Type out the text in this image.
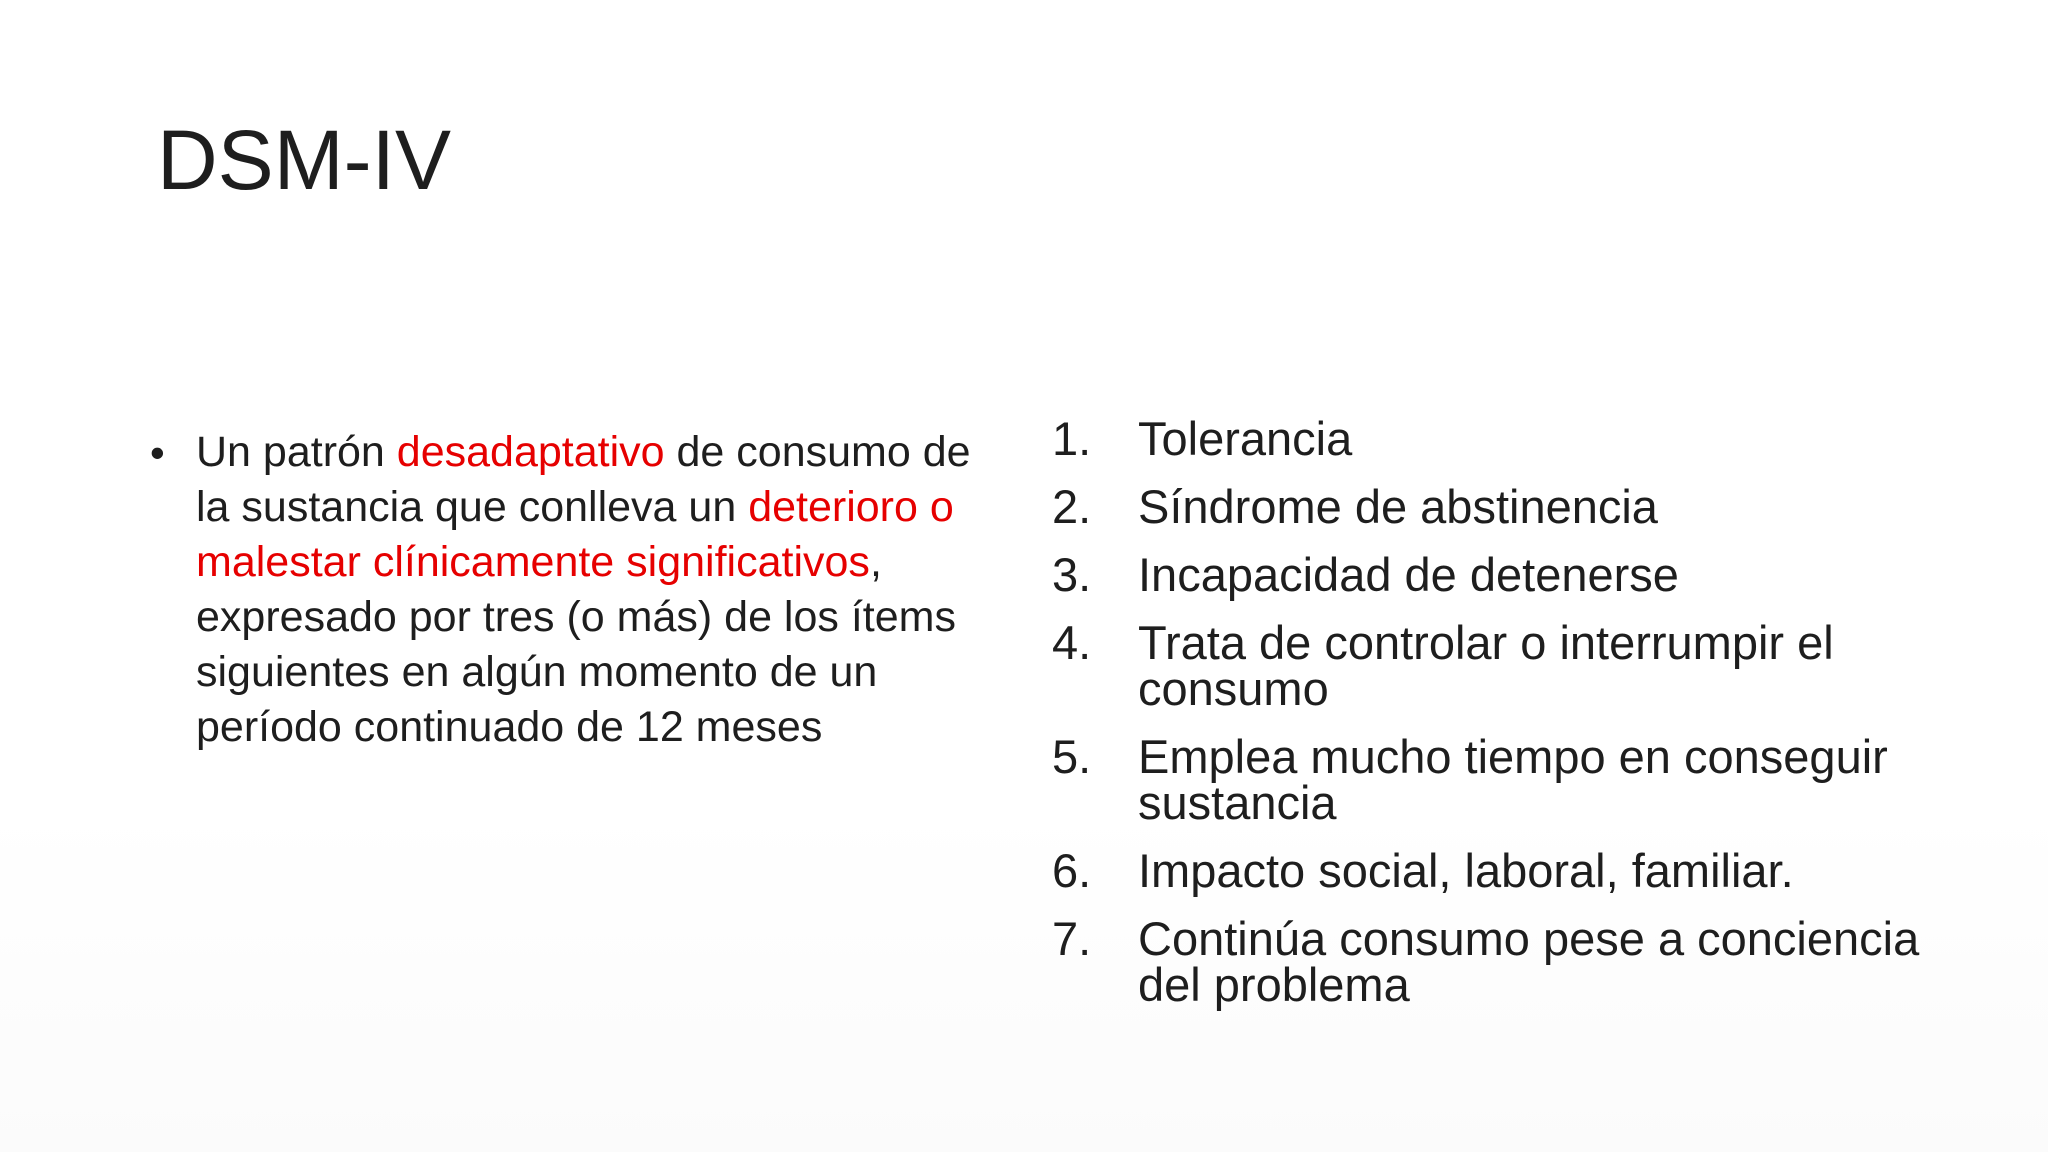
DSM-IV
• Un patrón desadaptativo de consumo de la sustancia que conlleva un deterioro o malestar clínicamente significativos, expresado por tres (o más) de los ítems siguientes en algún momento de un período continuado de 12 meses
1. Tolerancia
2. Síndrome de abstinencia
3. Incapacidad de detenerse
4. Trata de controlar o interrumpir el consumo
5. Emplea mucho tiempo en conseguir sustancia
6. Impacto social, laboral, familiar.
7. Continúa consumo pese a conciencia del problema
